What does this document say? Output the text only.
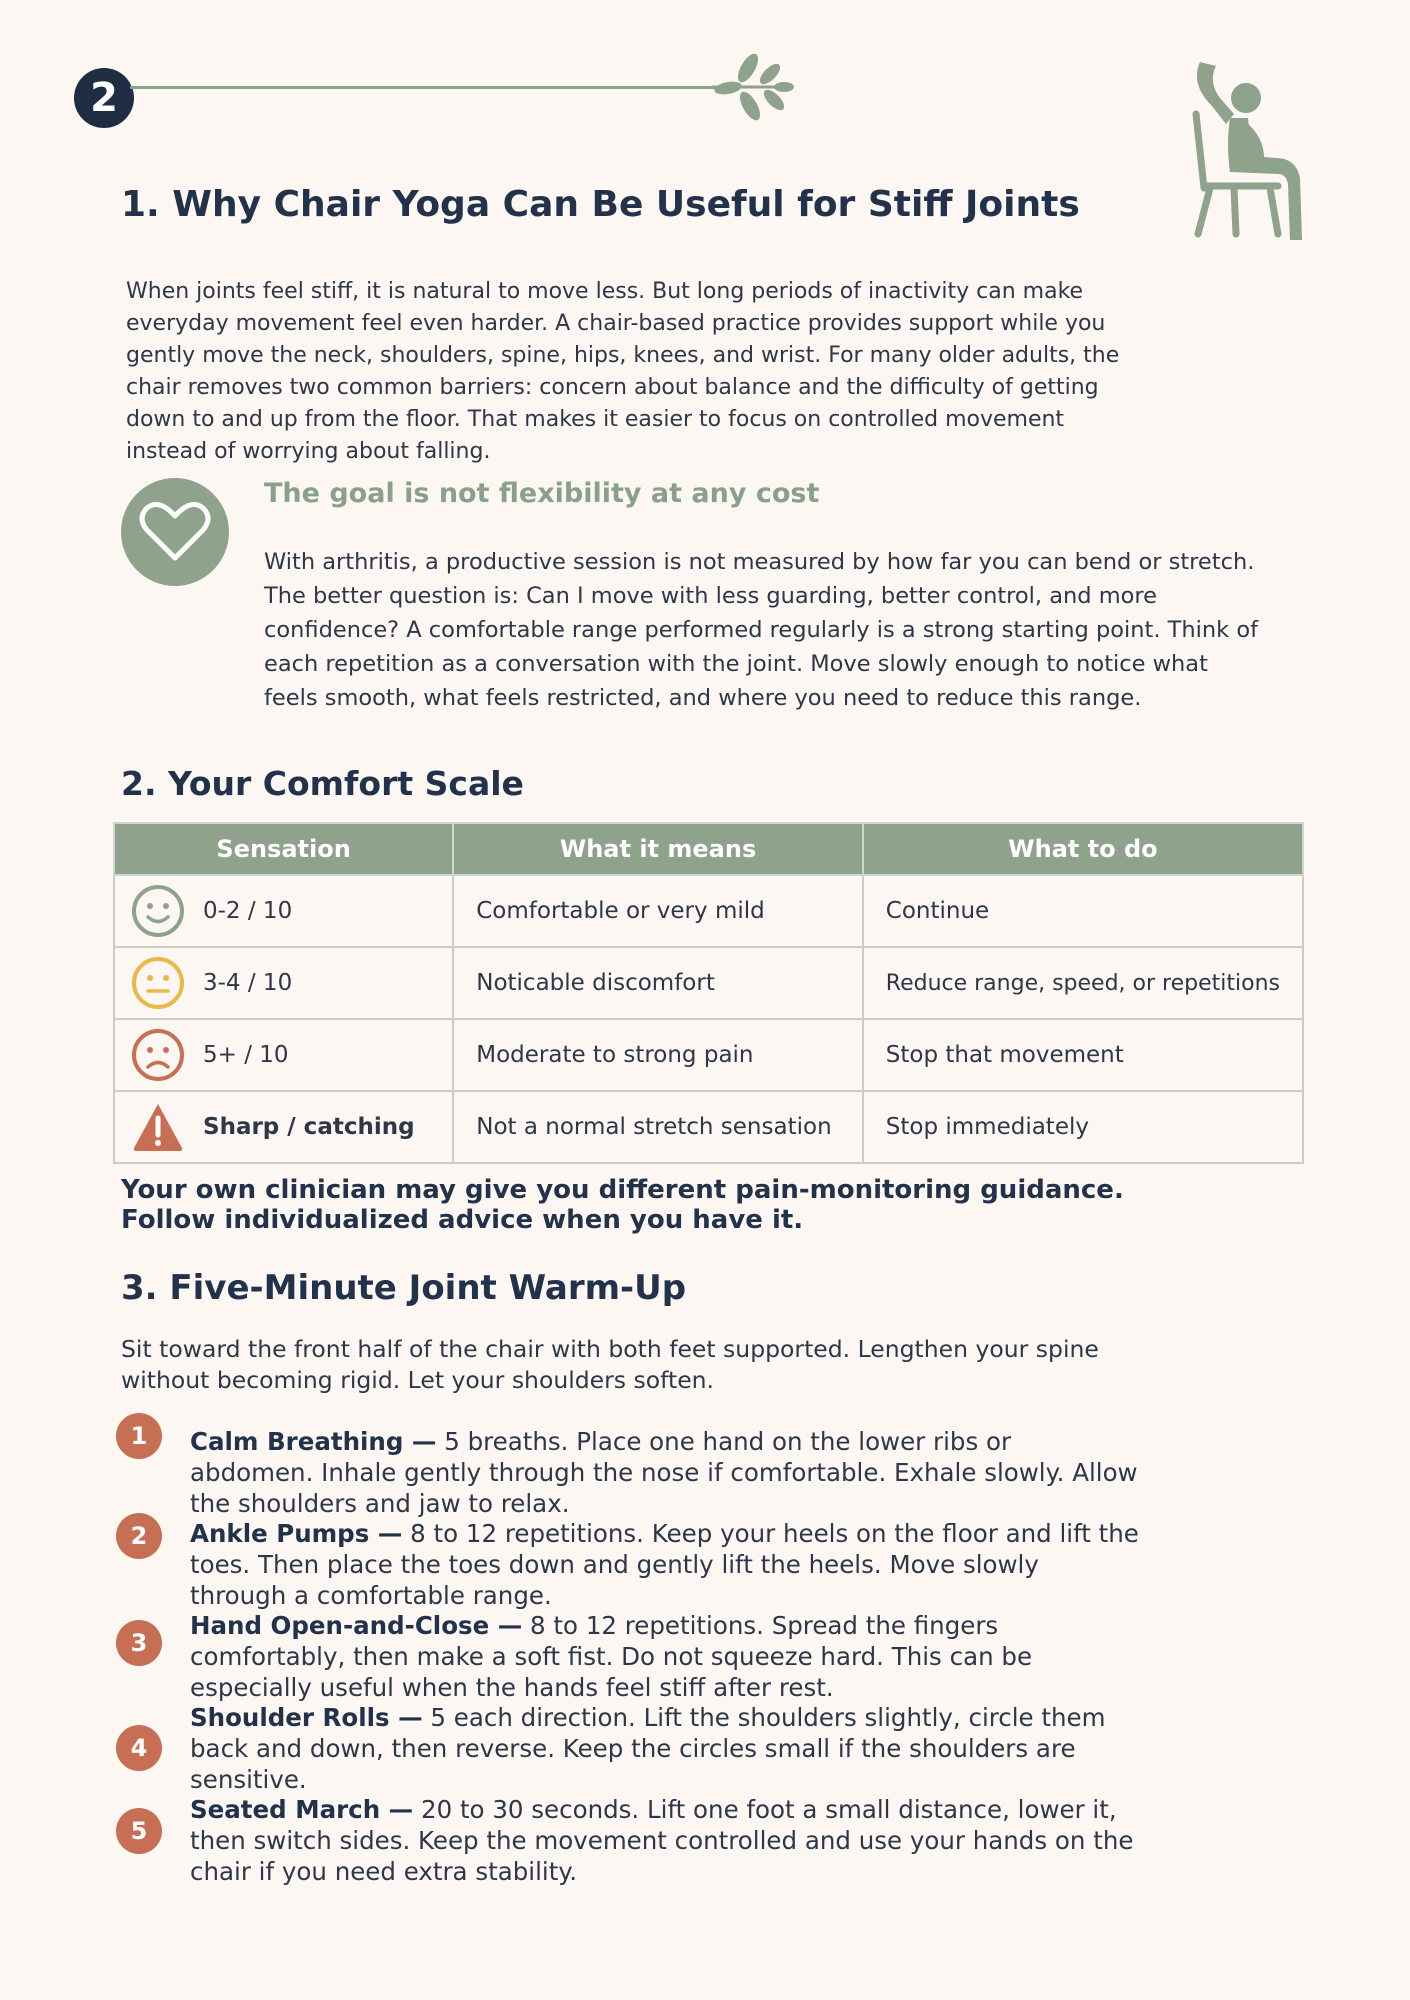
2
1. Why Chair Yoga Can Be Useful for Stiff Joints

When joints feel stiff, it is natural to move less. But long periods of inactivity can make everyday movement feel even harder. A chair-based practice provides support while you gently move the neck, shoulders, spine, hips, knees, and wrist. For many older adults, the chair removes two common barriers: concern about balance and the difficulty of getting down to and up from the floor. That makes it easier to focus on controlled movement instead of worrying about falling.

The goal is not flexibility at any cost

With arthritis, a productive session is not measured by how far you can bend or stretch. The better question is: Can I move with less guarding, better control, and more confidence? A comfortable range performed regularly is a strong starting point. Think of each repetition as a conversation with the joint. Move slowly enough to notice what feels smooth, what feels restricted, and where you need to reduce this range.

2. Your Comfort Scale
Sensation	What it means	What to do

0-2 / 10	Comfortable or very mild	Continue

3-4 / 10	Noticable discomfort	Reduce range, speed, or repetitions

5+ / 10	Moderate to strong pain	Stop that movement

Sharp / catching	Not a normal stretch sensation	Stop immediately

Your own clinician may give you different pain-monitoring guidance.
Follow individualized advice when you have it.

3. Five-Minute Joint Warm-Up

Sit toward the front half of the chair with both feet supported. Lengthen your spine without becoming rigid. Let your shoulders soften.

1	Calm Breathing — 5 breaths. Place one hand on the lower ribs or abdomen. Inhale gently through the nose if comfortable. Exhale slowly. Allow the shoulders and jaw to relax.

2	Ankle Pumps — 8 to 12 repetitions. Keep your heels on the floor and lift the toes. Then place the toes down and gently lift the heels. Move slowly through a comfortable range.

3

Hand Open-and-Close — 8 to 12 repetitions. Spread the fingers comfortably, then make a soft fist. Do not squeeze hard. This can be especially useful when the hands feel stiff after rest.

4

Shoulder Rolls — 5 each direction. Lift the shoulders slightly, circle them back and down, then reverse. Keep the circles small if the shoulders are sensitive.

5

Seated March — 20 to 30 seconds. Lift one foot a small distance, lower it, then switch sides. Keep the movement controlled and use your hands on the chair if you need extra stability.
